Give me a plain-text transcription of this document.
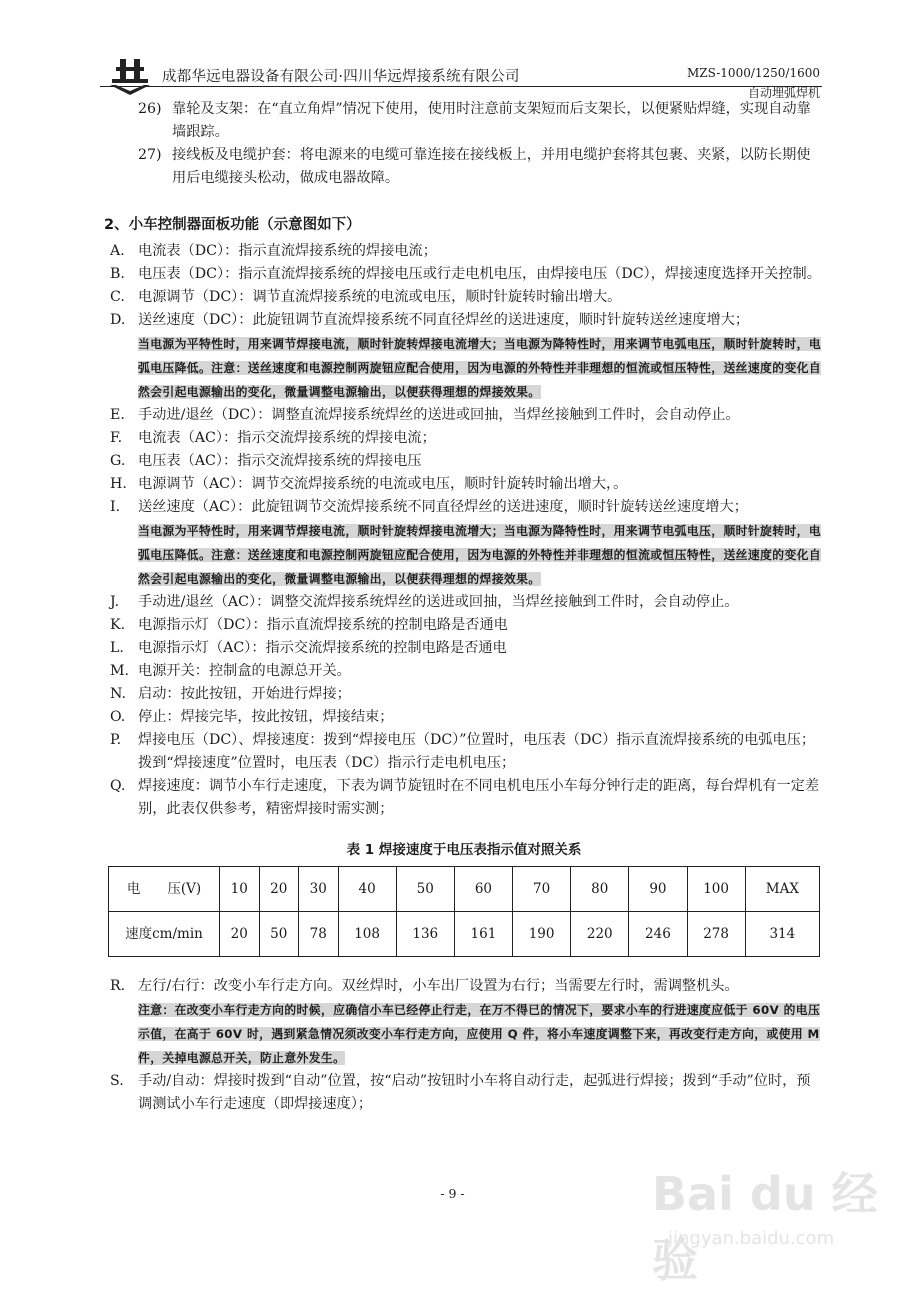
成都华远电器设备有限公司·四川华远焊接系统有限公司	MZS-1000/1250/1600
自动埋弧焊机
26) 靠轮及支架：在“直立角焊”情况下使用，使用时注意前支架短而后支架长，以便紧贴焊缝，实现自动靠墙跟踪。
27) 接线板及电缆护套：将电源来的电缆可靠连接在接线板上，并用电缆护套将其包裹、夹紧，以防长期使用后电缆接头松动，做成电器故障。
2、小车控制器面板功能（示意图如下）
A. 电流表（DC）：指示直流焊接系统的焊接电流；
B. 电压表（DC）：指示直流焊接系统的焊接电压或行走电机电压，由焊接电压（DC），焊接速度选择开关控制。
C. 电源调节（DC）：调节直流焊接系统的电流或电压，顺时针旋转时输出增大。
D. 送丝速度（DC）：此旋钮调节直流焊接系统不同直径焊丝的送进速度，顺时针旋转送丝速度增大；
当电源为平特性时，用来调节焊接电流，顺时针旋转焊接电流增大；当电源为降特性时，用来调节电弧电压，顺时针旋转时，电弧电压降低。注意：送丝速度和电源控制两旋钮应配合使用，因为电源的外特性并非理想的恒流或恒压特性，送丝速度的变化自然会引起电源输出的变化，微量调整电源输出，以便获得理想的焊接效果。
E. 手动进/退丝（DC）：调整直流焊接系统焊丝的送进或回抽，当焊丝接触到工件时，会自动停止。
F. 电流表（AC）：指示交流焊接系统的焊接电流；
G. 电压表（AC）：指示交流焊接系统的焊接电压
H. 电源调节（AC）：调节交流焊接系统的电流或电压，顺时针旋转时输出增大，。
I. 送丝速度（AC）：此旋钮调节交流焊接系统不同直径焊丝的送进速度，顺时针旋转送丝速度增大；
当电源为平特性时，用来调节焊接电流，顺时针旋转焊接电流增大；当电源为降特性时，用来调节电弧电压，顺时针旋转时，电弧电压降低。注意：送丝速度和电源控制两旋钮应配合使用，因为电源的外特性并非理想的恒流或恒压特性，送丝速度的变化自然会引起电源输出的变化，微量调整电源输出，以便获得理想的焊接效果。
J. 手动进/退丝（AC）：调整交流焊接系统焊丝的送进或回抽，当焊丝接触到工件时，会自动停止。
K. 电源指示灯（DC）：指示直流焊接系统的控制电路是否通电
L. 电源指示灯（AC）：指示交流焊接系统的控制电路是否通电
M. 电源开关：控制盒的电源总开关。
N. 启动：按此按钮，开始进行焊接；
O. 停止：焊接完毕，按此按钮，焊接结束；
P. 焊接电压（DC）、焊接速度：拨到“焊接电压（DC）”位置时，电压表（DC）指示直流焊接系统的电弧电压；拨到“焊接速度”位置时，电压表（DC）指示行走电机电压；
Q. 焊接速度：调节小车行走速度，下表为调节旋钮时在不同电机电压小车每分钟行走的距离，每台焊机有一定差别，此表仅供参考，精密焊接时需实测；
表 1 焊接速度于电压表指示值对照关系
电　　压(V)	10	20	30	40	50	60	70	80	90	100	MAX
速度cm/min	20	50	78	108	136	161	190	220	246	278	314
R. 左行/右行：改变小车行走方向。双丝焊时，小车出厂设置为右行；当需要左行时，需调整机头。
注意：在改变小车行走方向的时候，应确信小车已经停止行走，在万不得已的情况下，要求小车的行进速度应低于 60V 的电压示值，在高于 60V 时，遇到紧急情况须改变小车行走方向，应使用 Q 件，将小车速度调整下来，再改变行走方向，或使用 M 件，关掉电源总开关，防止意外发生。
S. 手动/自动：焊接时拨到“自动”位置，按“启动”按钮时小车将自动行走，起弧进行焊接；拨到“手动”位时，预调测试小车行走速度（即焊接速度）；
- 9 -	Bai du 经验
jingyan.baidu.com
